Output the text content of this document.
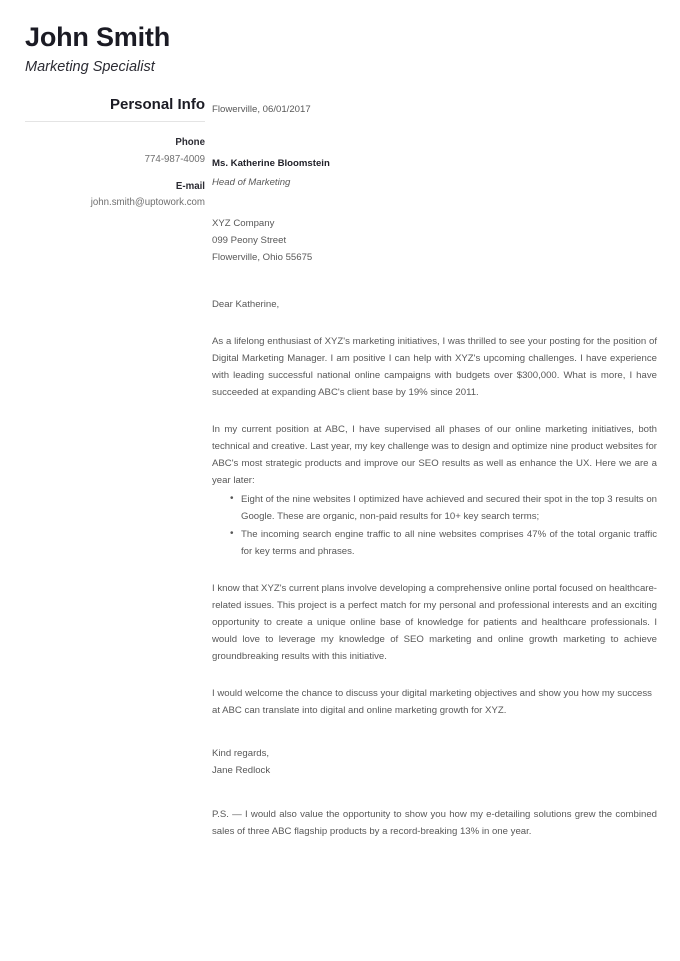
John Smith

Marketing Specialist

Personal Info

Phone

774-987-4009

E-mail

john.smith@uptowork.com

Flowerville, 06/01/2017

Ms. Katherine Bloomstein

Head of Marketing

XYZ Company

099 Peony Street

Flowerville, Ohio 55675

Dear Katherine,

As a lifelong enthusiast of XYZ's marketing initiatives, I was thrilled to see your posting for the position of Digital Marketing Manager. I am positive I can help with XYZ's upcoming challenges. I have experience with leading successful national online campaigns with budgets over $300,000. What is more, I have succeeded at expanding ABC's client base by 19% since 2011.

In my current position at ABC, I have supervised all phases of our online marketing initiatives, both technical and creative. Last year, my key challenge was to design and optimize nine product websites for ABC's most strategic products and improve our SEO results as well as enhance the UX. Here we are a year later:

• Eight of the nine websites I optimized have achieved and secured their spot in the top 3 results on Google. These are organic, non-paid results for 10+ key search terms;
• The incoming search engine traffic to all nine websites comprises 47% of the total organic traffic for key terms and phrases.

I know that XYZ's current plans involve developing a comprehensive online portal focused on healthcare-related issues. This project is a perfect match for my personal and professional interests and an exciting opportunity to create a unique online base of knowledge for patients and healthcare professionals. I would love to leverage my knowledge of SEO marketing and online growth marketing to achieve groundbreaking results with this initiative.

I would welcome the chance to discuss your digital marketing objectives and show you how my success at ABC can translate into digital and online marketing growth for XYZ.

Kind regards,

Jane Redlock

P.S. — I would also value the opportunity to show you how my e-detailing solutions grew the combined sales of three ABC flagship products by a record-breaking 13% in one year.
